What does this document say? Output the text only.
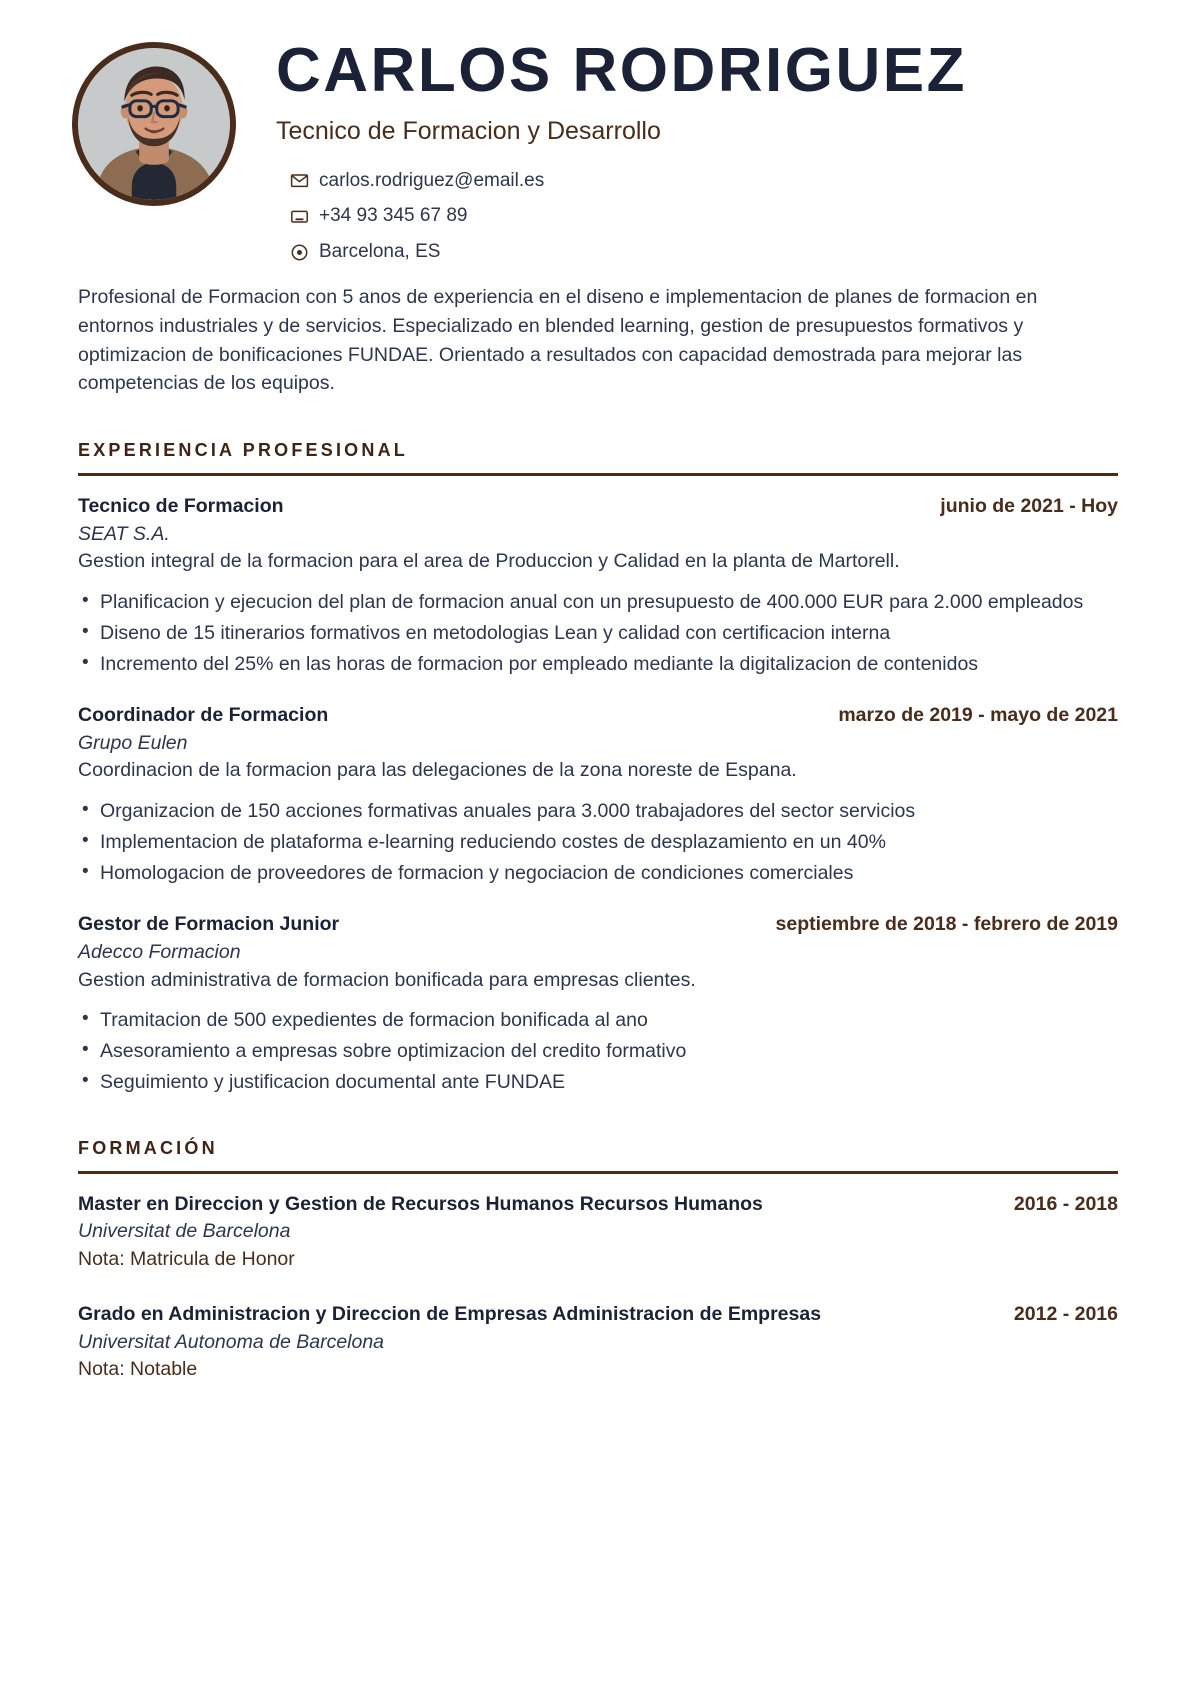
CARLOS RODRIGUEZ
Tecnico de Formacion y Desarrollo
carlos.rodriguez@email.es
+34 93 345 67 89
Barcelona, ES
Profesional de Formacion con 5 anos de experiencia en el diseno e implementacion de planes de formacion en entornos industriales y de servicios. Especializado en blended learning, gestion de presupuestos formativos y optimizacion de bonificaciones FUNDAE. Orientado a resultados con capacidad demostrada para mejorar las competencias de los equipos.
EXPERIENCIA PROFESIONAL
Tecnico de Formacion	junio de 2021 - Hoy
SEAT S.A.
Gestion integral de la formacion para el area de Produccion y Calidad en la planta de Martorell.
• Planificacion y ejecucion del plan de formacion anual con un presupuesto de 400.000 EUR para 2.000 empleados
• Diseno de 15 itinerarios formativos en metodologias Lean y calidad con certificacion interna
• Incremento del 25% en las horas de formacion por empleado mediante la digitalizacion de contenidos
Coordinador de Formacion	marzo de 2019 - mayo de 2021
Grupo Eulen
Coordinacion de la formacion para las delegaciones de la zona noreste de Espana.
• Organizacion de 150 acciones formativas anuales para 3.000 trabajadores del sector servicios
• Implementacion de plataforma e-learning reduciendo costes de desplazamiento en un 40%
• Homologacion de proveedores de formacion y negociacion de condiciones comerciales
Gestor de Formacion Junior	septiembre de 2018 - febrero de 2019
Adecco Formacion
Gestion administrativa de formacion bonificada para empresas clientes.
• Tramitacion de 500 expedientes de formacion bonificada al ano
• Asesoramiento a empresas sobre optimizacion del credito formativo
• Seguimiento y justificacion documental ante FUNDAE
FORMACIÓN
Master en Direccion y Gestion de Recursos Humanos Recursos Humanos	2016 - 2018
Universitat de Barcelona
Nota: Matricula de Honor
Grado en Administracion y Direccion de Empresas Administracion de Empresas	2012 - 2016
Universitat Autonoma de Barcelona
Nota: Notable
